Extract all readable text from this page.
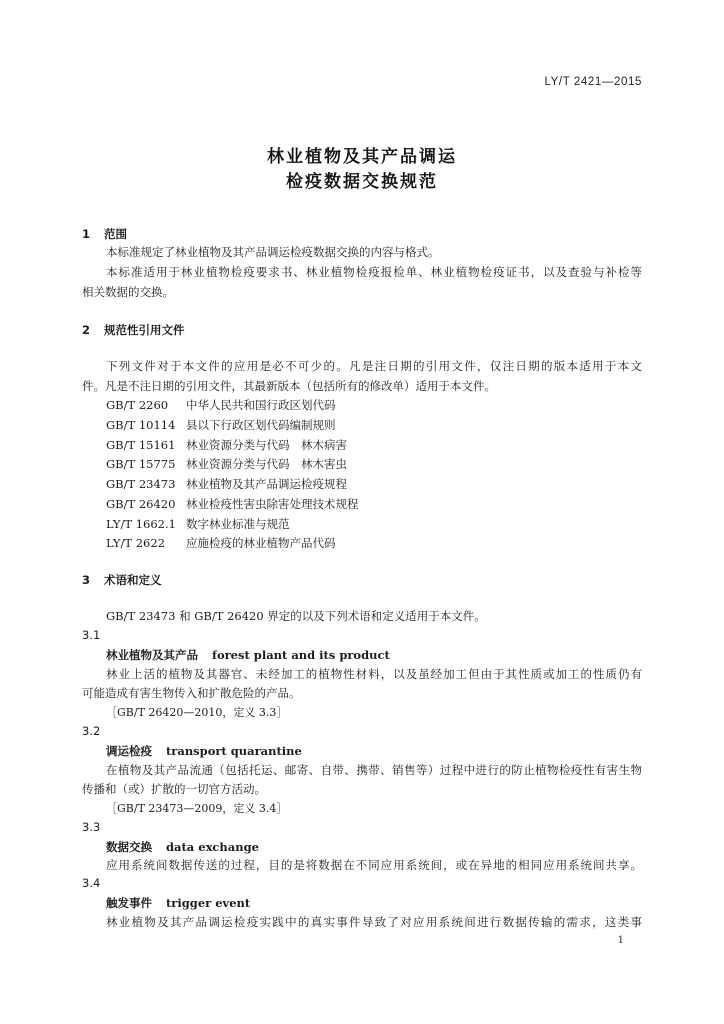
LY/T 2421—2015
林业植物及其产品调运
检疫数据交换规范
1 范围
本标准规定了林业植物及其产品调运检疫数据交换的内容与格式。
本标准适用于林业植物检疫要求书、林业植物检疫报检单、林业植物检疫证书，以及查验与补检等
相关数据的交换。
2 规范性引用文件
下列文件对于本文件的应用是必不可少的。凡是注日期的引用文件，仅注日期的版本适用于本文
件。凡是不注日期的引用文件，其最新版本（包括所有的修改单）适用于本文件。
GB/T 2260 中华人民共和国行政区划代码
GB/T 10114 县以下行政区划代码编制规则
GB/T 15161 林业资源分类与代码　林木病害
GB/T 15775 林业资源分类与代码　林木害虫
GB/T 23473 林业植物及其产品调运检疫规程
GB/T 26420 林业检疫性害虫除害处理技术规程
LY/T 1662.1 数字林业标准与规范
LY/T 2622 应施检疫的林业植物产品代码
3 术语和定义
GB/T 23473 和 GB/T 26420 界定的以及下列术语和定义适用于本文件。
3.1
林业植物及其产品 forest plant and its product
林业上活的植物及其器官、未经加工的植物性材料，以及虽经加工但由于其性质或加工的性质仍有
可能造成有害生物传入和扩散危险的产品。
［GB/T 26420—2010，定义 3.3］
3.2
调运检疫 transport quarantine
在植物及其产品流通（包括托运、邮寄、自带、携带、销售等）过程中进行的防止植物检疫性有害生物
传播和（或）扩散的一切官方活动。
［GB/T 23473—2009，定义 3.4］
3.3
数据交换 data exchange
应用系统间数据传送的过程，目的是将数据在不同应用系统间，或在异地的相同应用系统间共享。
3.4
触发事件 trigger event
林业植物及其产品调运检疫实践中的真实事件导致了对应用系统间进行数据传输的需求，这类事
1
